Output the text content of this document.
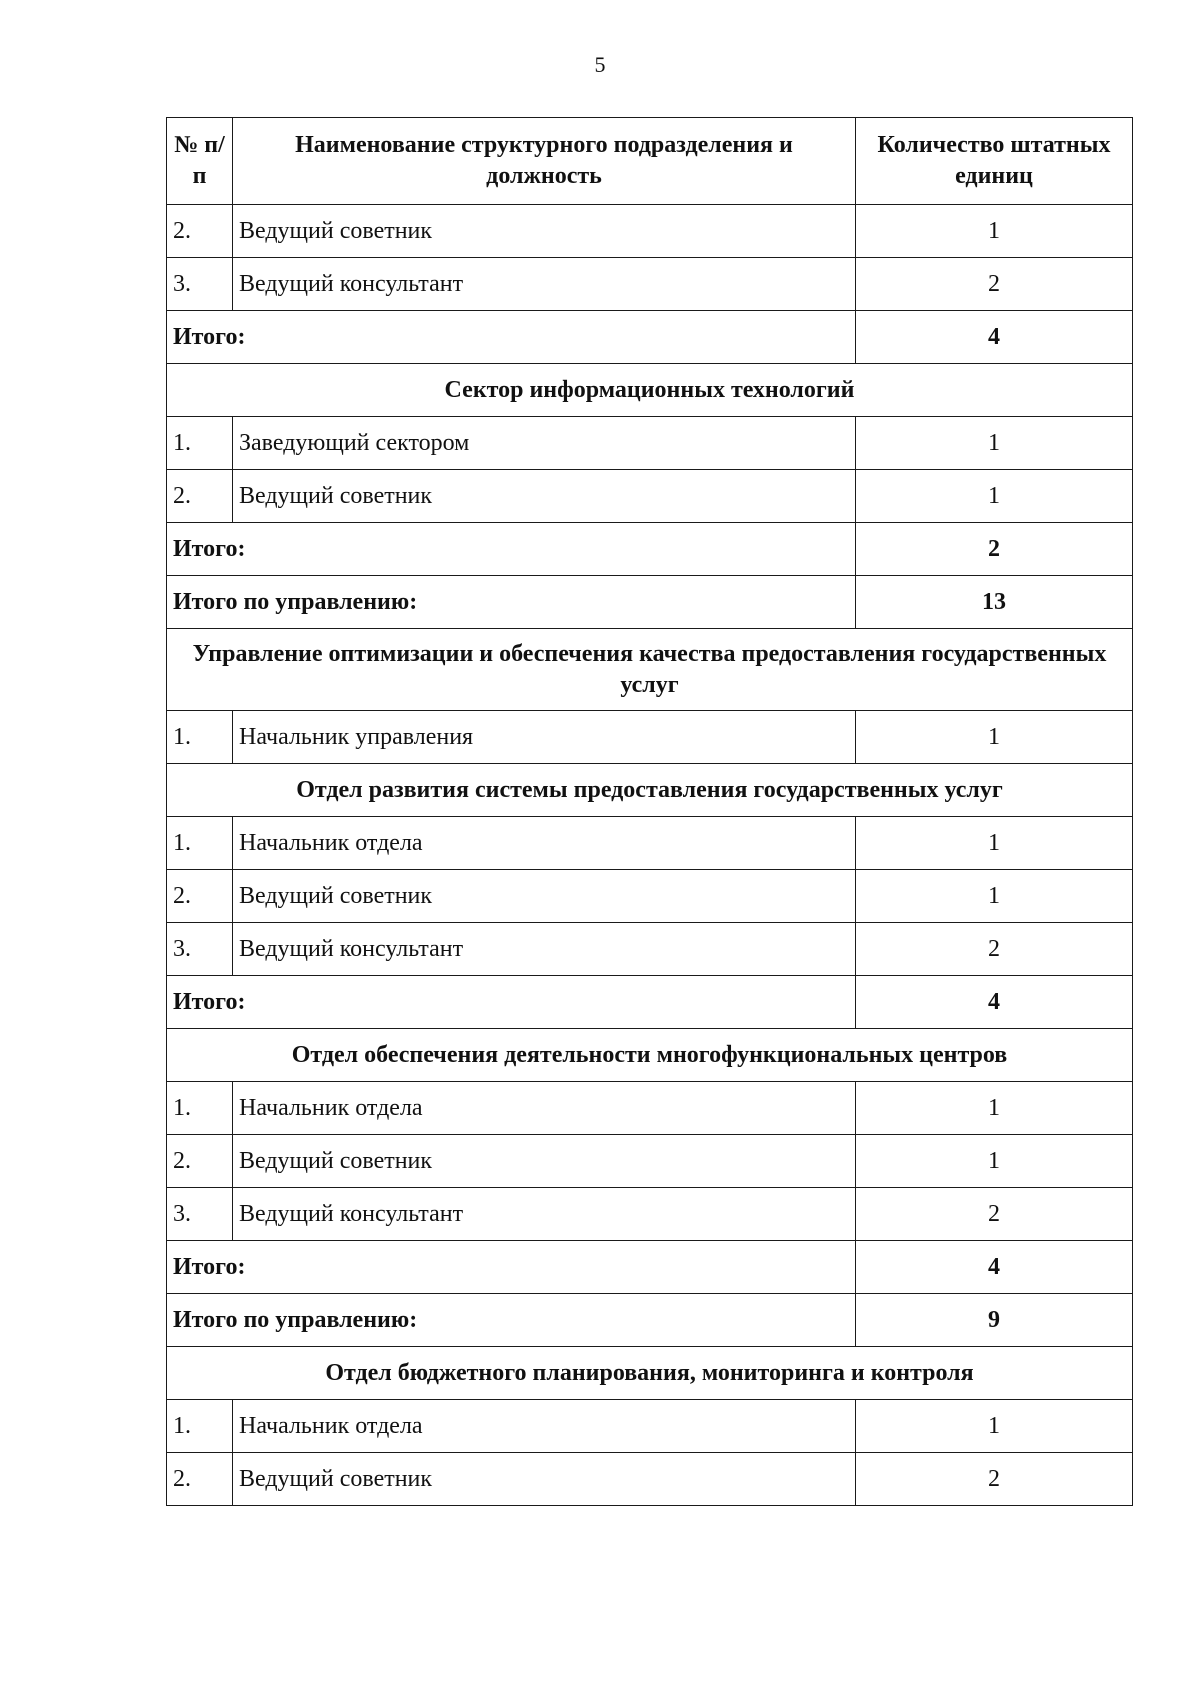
5
№ п/п	Наименование структурного подразделения и должность	Количество штатных единиц
2.	Ведущий советник	1
3.	Ведущий консультант	2
Итого:		4
Сектор информационных технологий		
1.	Заведующий сектором	1
2.	Ведущий советник	1
Итого:		2
Итого по управлению:		13
Управление оптимизации и обеспечения качества предоставления государственных услуг		
1.	Начальник управления	1
Отдел развития системы предоставления государственных услуг		
1.	Начальник отдела	1
2.	Ведущий советник	1
3.	Ведущий консультант	2
Итого:		4
Отдел обеспечения деятельности многофункциональных центров		
1.	Начальник отдела	1
2.	Ведущий советник	1
3.	Ведущий консультант	2
Итого:		4
Итого по управлению:		9
Отдел бюджетного планирования, мониторинга и контроля		
1.	Начальник отдела	1
2.	Ведущий советник	2
